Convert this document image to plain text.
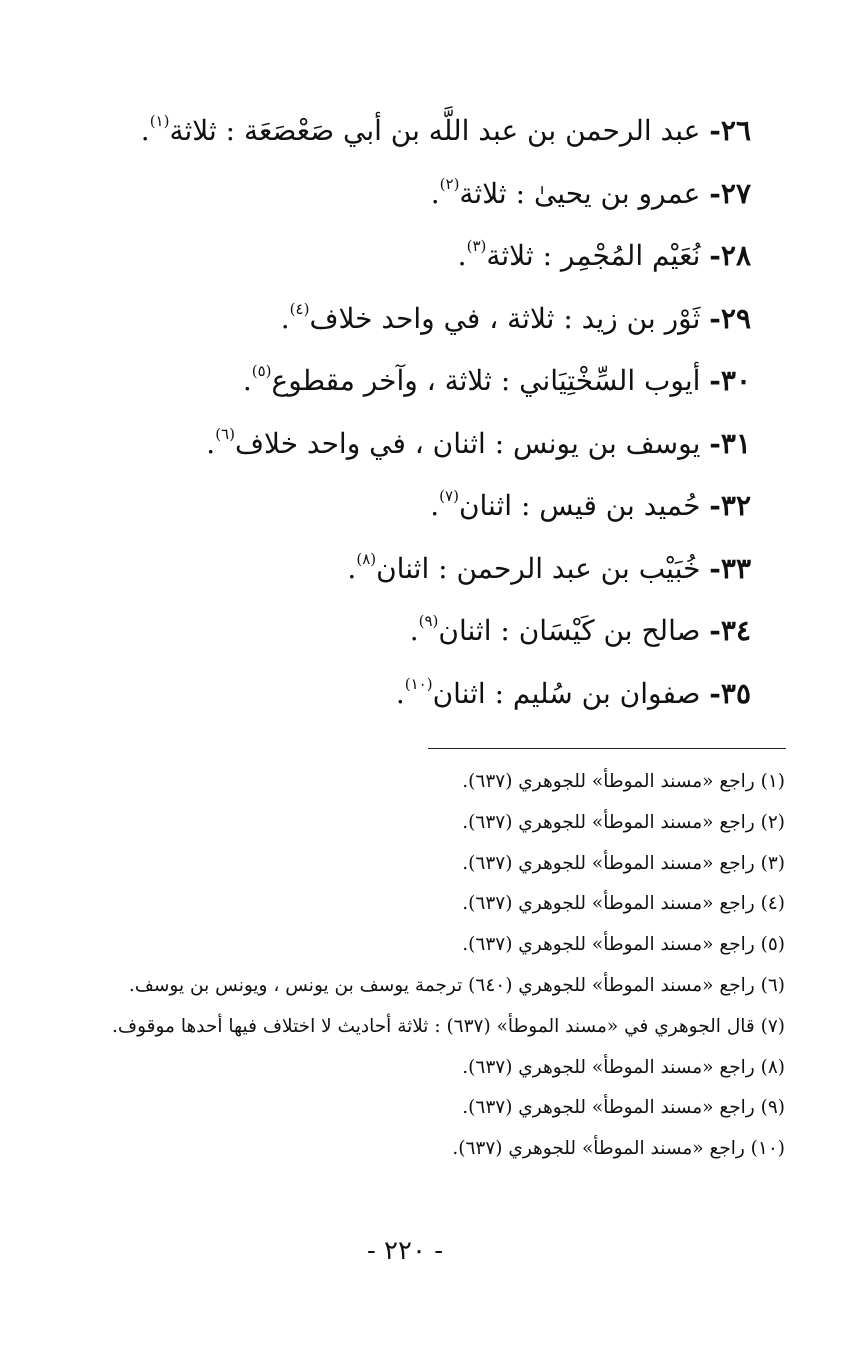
٢٦- عبد الرحمن بن عبد اللَّه بن أبي صَعْصَعَة : ثلاثة$^{(١)}$.
٢٧- عمرو بن يحيىٰ : ثلاثة$^{(٢)}$.
٢٨- نُعَيْم المُجْمِر : ثلاثة$^{(٣)}$.
٢٩- ثَوْر بن زيد : ثلاثة ، في واحد خلاف$^{(٤)}$.
٣٠- أيوب السِّخْتِيَاني : ثلاثة ، وآخر مقطوع$^{(٥)}$.
٣١- يوسف بن يونس : اثنان ، في واحد خلاف$^{(٦)}$.
٣٢- حُميد بن قيس : اثنان$^{(٧)}$.
٣٣- خُبَيْب بن عبد الرحمن : اثنان$^{(٨)}$.
٣٤- صالح بن كَيْسَان : اثنان$^{(٩)}$.
٣٥- صفوان بن سُليم : اثنان$^{(١٠)}$.
(١) راجع «مسند الموطأ» للجوهري (٦٣٧).
(٢) راجع «مسند الموطأ» للجوهري (٦٣٧).
(٣) راجع «مسند الموطأ» للجوهري (٦٣٧).
(٤) راجع «مسند الموطأ» للجوهري (٦٣٧).
(٥) راجع «مسند الموطأ» للجوهري (٦٣٧).
(٦) راجع «مسند الموطأ» للجوهري (٦٤٠) ترجمة يوسف بن يونس ، ويونس بن يوسف.
(٧) قال الجوهري في «مسند الموطأ» (٦٣٧) : ثلاثة أحاديث لا اختلاف فيها أحدها موقوف.
(٨) راجع «مسند الموطأ» للجوهري (٦٣٧).
(٩) راجع «مسند الموطأ» للجوهري (٦٣٧).
(١٠) راجع «مسند الموطأ» للجوهري (٦٣٧).
- ٢٢٠ -
